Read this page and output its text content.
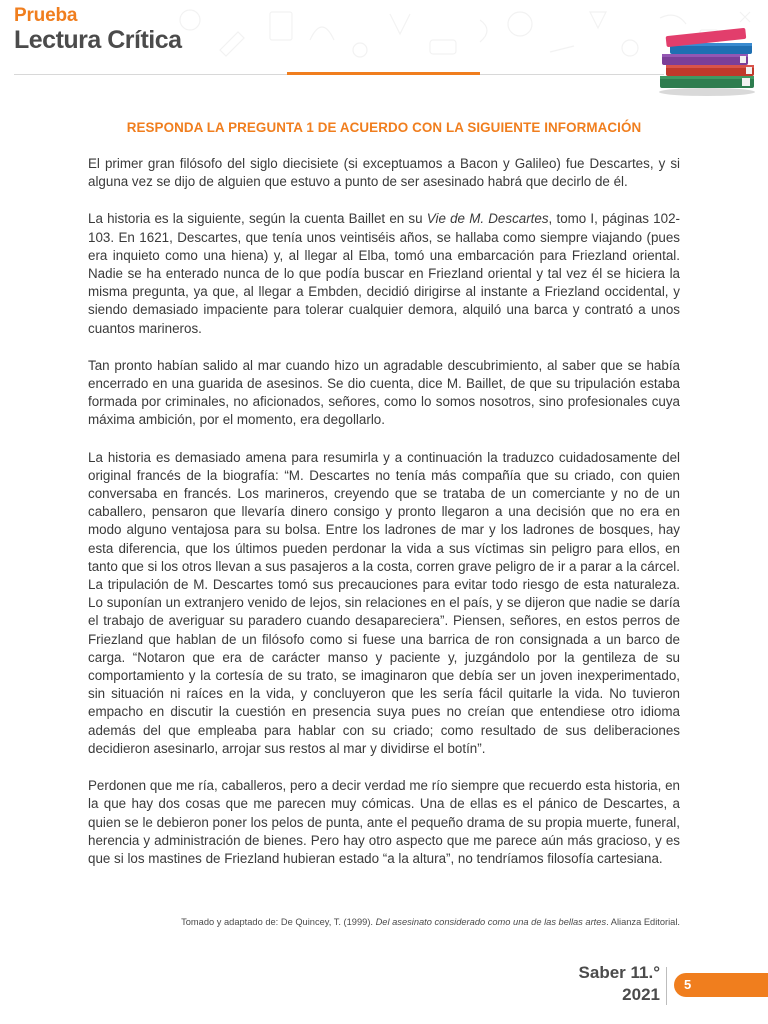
Prueba
Lectura Crítica
RESPONDA LA PREGUNTA 1 DE ACUERDO CON LA SIGUIENTE INFORMACIÓN

El primer gran filósofo del siglo diecisiete (si exceptuamos a Bacon y Galileo) fue Descartes, y si alguna vez se dijo de alguien que estuvo a punto de ser asesinado habrá que decirlo de él.

La historia es la siguiente, según la cuenta Baillet en su Vie de M. Descartes, tomo I, páginas 102-103. En 1621, Descartes, que tenía unos veintiséis años, se hallaba como siempre viajando (pues era inquieto como una hiena) y, al llegar al Elba, tomó una embarcación para Friezland oriental. Nadie se ha enterado nunca de lo que podía buscar en Friezland oriental y tal vez él se hiciera la misma pregunta, ya que, al llegar a Embden, decidió dirigirse al instante a Friezland occidental, y siendo demasiado impaciente para tolerar cualquier demora, alquiló una barca y contrató a unos cuantos marineros.

Tan pronto habían salido al mar cuando hizo un agradable descubrimiento, al saber que se había encerrado en una guarida de asesinos. Se dio cuenta, dice M. Baillet, de que su tripulación estaba formada por criminales, no aficionados, señores, como lo somos nosotros, sino profesionales cuya máxima ambición, por el momento, era degollarlo.

La historia es demasiado amena para resumirla y a continuación la traduzco cuidadosamente del original francés de la biografía: “M. Descartes no tenía más compañía que su criado, con quien conversaba en francés. Los marineros, creyendo que se trataba de un comerciante y no de un caballero, pensaron que llevaría dinero consigo y pronto llegaron a una decisión que no era en modo alguno ventajosa para su bolsa. Entre los ladrones de mar y los ladrones de bosques, hay esta diferencia, que los últimos pueden perdonar la vida a sus víctimas sin peligro para ellos, en tanto que si los otros llevan a sus pasajeros a la costa, corren grave peligro de ir a parar a la cárcel. La tripulación de M. Descartes tomó sus precauciones para evitar todo riesgo de esta naturaleza. Lo suponían un extranjero venido de lejos, sin relaciones en el país, y se dijeron que nadie se daría el trabajo de averiguar su paradero cuando desapareciera”. Piensen, señores, en estos perros de Friezland que hablan de un filósofo como si fuese una barrica de ron consignada a un barco de carga. “Notaron que era de carácter manso y paciente y, juzgándolo por la gentileza de su comportamiento y la cortesía de su trato, se imaginaron que debía ser un joven inexperimentado, sin situación ni raíces en la vida, y concluyeron que les sería fácil quitarle la vida. No tuvieron empacho en discutir la cuestión en presencia suya pues no creían que entendiese otro idioma además del que empleaba para hablar con su criado; como resultado de sus deliberaciones decidieron asesinarlo, arrojar sus restos al mar y dividirse el botín”.

Perdonen que me ría, caballeros, pero a decir verdad me río siempre que recuerdo esta historia, en la que hay dos cosas que me parecen muy cómicas. Una de ellas es el pánico de Descartes, a quien se le debieron poner los pelos de punta, ante el pequeño drama de su propia muerte, funeral, herencia y administración de bienes. Pero hay otro aspecto que me parece aún más gracioso, y es que si los mastines de Friezland hubieran estado “a la altura”, no tendríamos filosofía cartesiana.

Tomado y adaptado de: De Quincey, T. (1999). Del asesinato considerado como una de las bellas artes. Alianza Editorial.
Saber 11.°
2021
5
